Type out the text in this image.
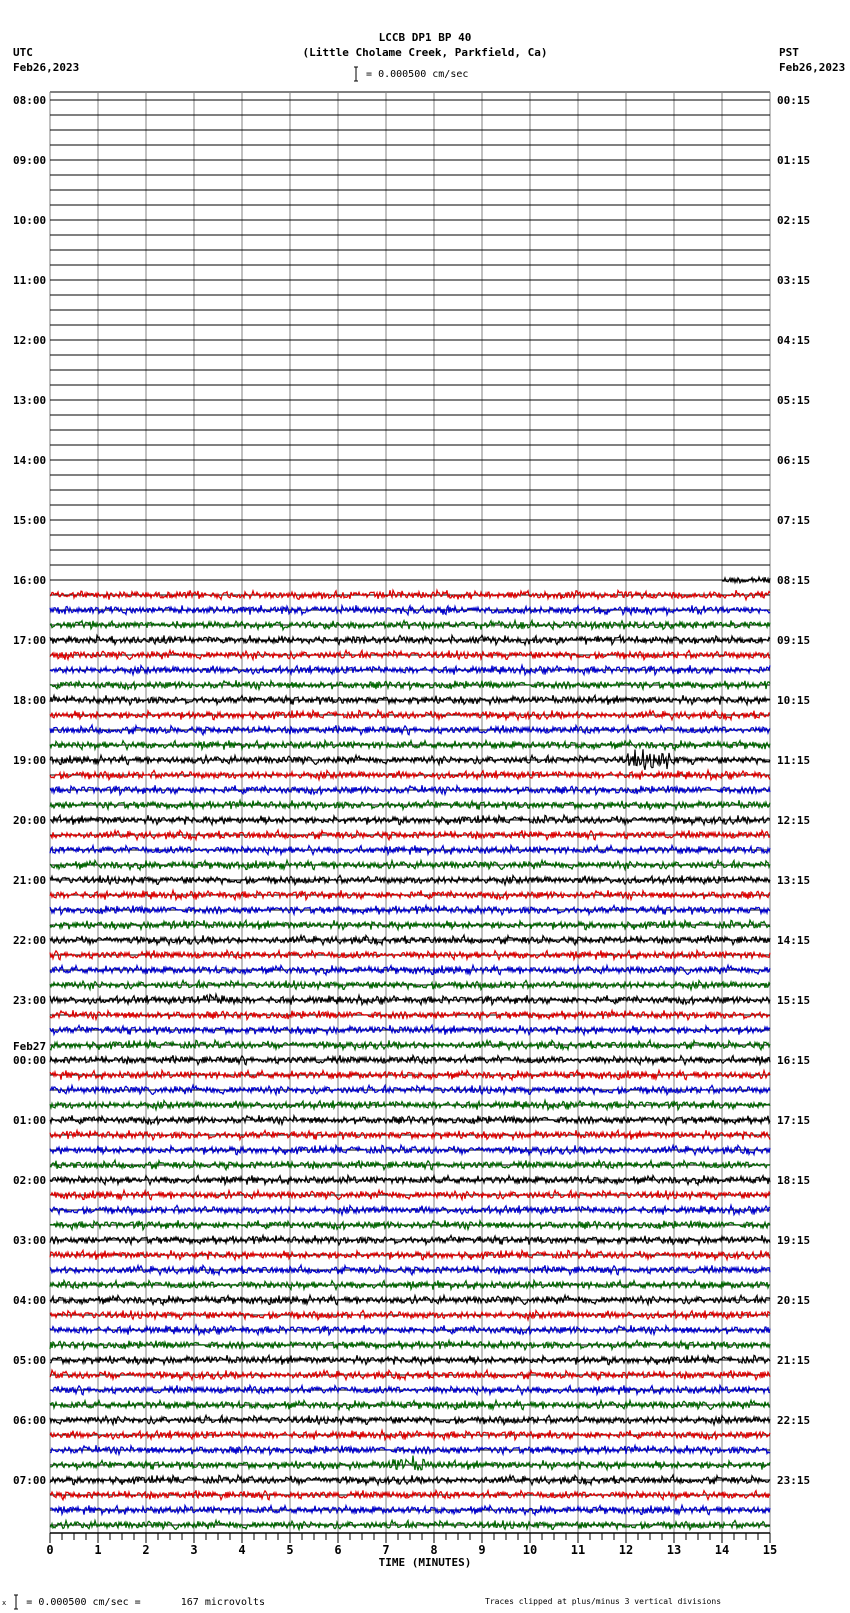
LCCB DP1 BP 40
(Little Cholame Creek, Parkfield, Ca)
UTC
Feb26,2023
PST
Feb26,2023
= 0.000500 cm/sec
08:00
09:00
10:00
11:00
12:00
13:00
14:00
15:00
16:00
17:00
18:00
19:00
20:00
21:00
22:00
23:00
00:00
01:00
02:00
03:00
04:00
05:00
06:00
07:00
00:15
01:15
02:15
03:15
04:15
05:15
06:15
07:15
08:15
09:15
10:15
11:15
12:15
13:15
14:15
15:15
16:15
17:15
18:15
19:15
20:15
21:15
22:15
23:15
Feb27
0	1	2	3	4	5	6	7	8	9	10	11	12	13	14	15
TIME (MINUTES)
x = 0.000500 cm/sec =	167 microvolts	Traces clipped at plus/minus 3 vertical divisions
